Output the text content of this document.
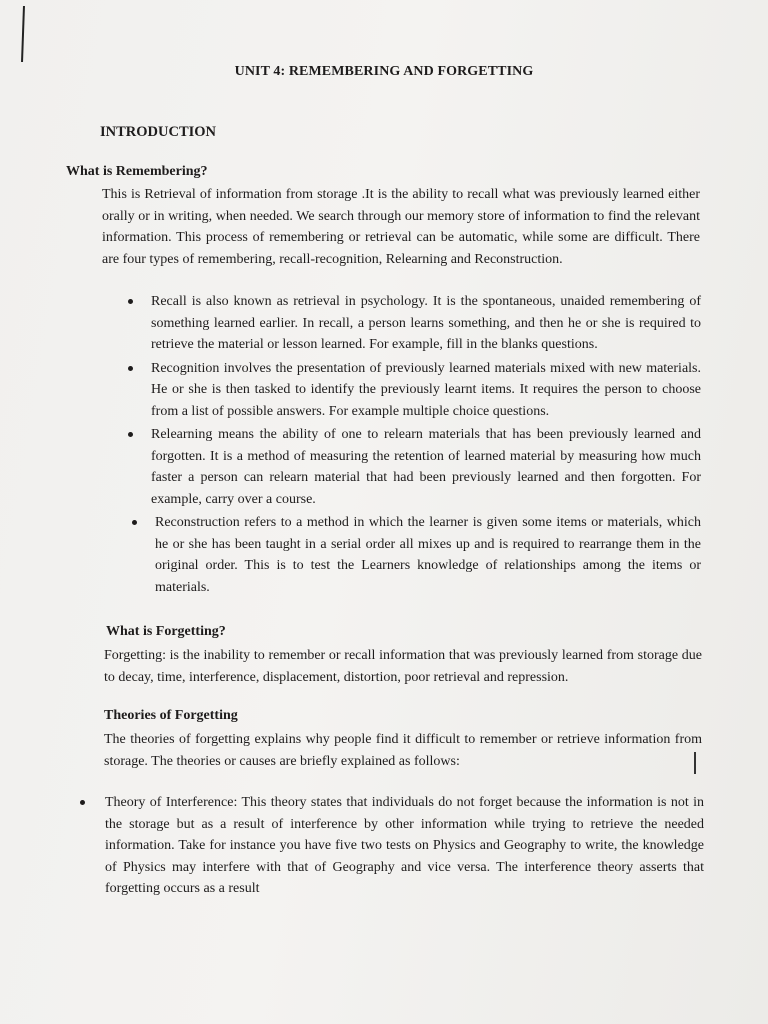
UNIT 4: REMEMBERING AND FORGETTING
INTRODUCTION
What is Remembering?

This is Retrieval of information from storage .It is the ability to recall what was previously learned either orally or in writing, when needed. We search through our memory store of information to find the relevant information. This process of remembering or retrieval can be automatic, while some are difficult. There are four types of remembering, recall-recognition, Relearning and Reconstruction.

Recall is also known as retrieval in psychology. It is the spontaneous, unaided remembering of something learned earlier. In recall, a person learns something, and then he or she is required to retrieve the material or lesson learned. For example, fill in the blanks questions.

Recognition involves the presentation of previously learned materials mixed with new materials. He or she is then tasked to identify the previously learnt items. It requires the person to choose from a list of possible answers. For example multiple choice questions.

Relearning means the ability of one to relearn materials that has been previously learned and forgotten. It is a method of measuring the retention of learned material by measuring how much faster a person can relearn material that had been previously learned and then forgotten. For example, carry over a course.

Reconstruction refers to a method in which the learner is given some items or materials, which he or she has been taught in a serial order all mixes up and is required to rearrange them in the original order. This is to test the Learners knowledge of relationships among the items or materials.

What is Forgetting?

Forgetting: is the inability to remember or recall information that was previously learned from storage due to decay, time, interference, displacement, distortion, poor retrieval and repression.

Theories of Forgetting

The theories of forgetting explains why people find it difficult to remember or retrieve information from storage. The theories or causes are briefly explained as follows:

Theory of Interference: This theory states that individuals do not forget because the information is not in the storage but as a result of interference by other information while trying to retrieve the needed information. Take for instance you have five two tests on Physics and Geography to write, the knowledge of Physics may interfere with that of Geography and vice versa. The interference theory asserts that forgetting occurs as a result
